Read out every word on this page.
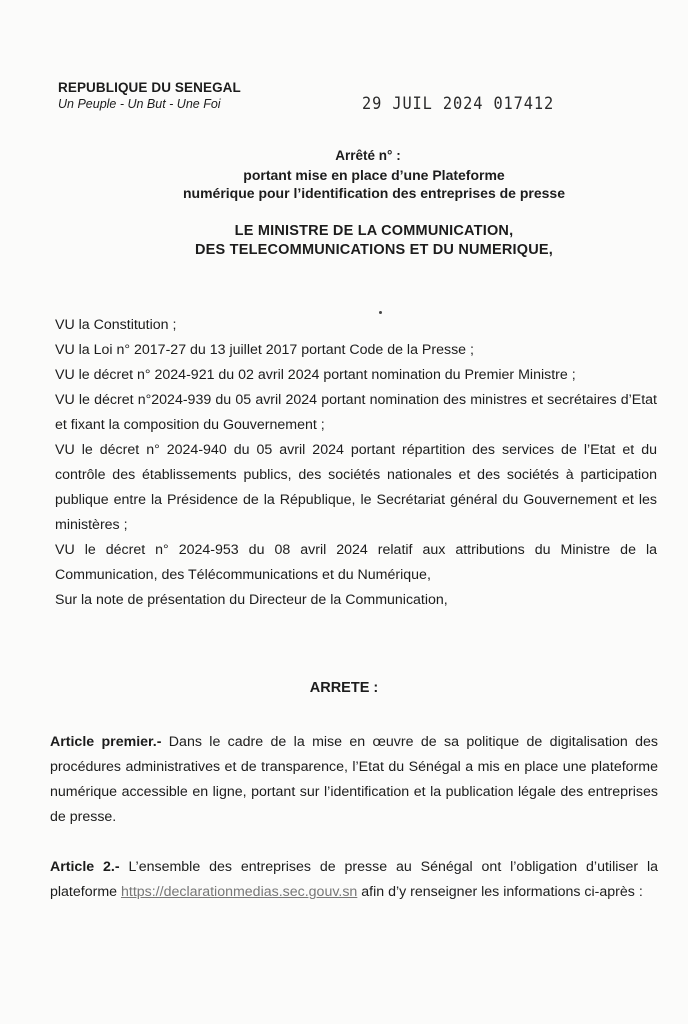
REPUBLIQUE DU SENEGAL
Un Peuple - Un But - Une Foi	29 JUIL 2024 017412
Arrêté n° :
portant mise en place d’une Plateforme
numérique pour l’identification des entreprises de presse
LE MINISTRE DE LA COMMUNICATION,
DES TELECOMMUNICATIONS ET DU NUMERIQUE,

VU la Constitution ;

VU la Loi n° 2017-27 du 13 juillet 2017 portant Code de la Presse ;

VU le décret n° 2024-921 du 02 avril 2024 portant nomination du Premier Ministre ;

VU le décret n°2024-939 du 05 avril 2024 portant nomination des ministres et secrétaires d’Etat et fixant la composition du Gouvernement ;

VU le décret n° 2024-940 du 05 avril 2024 portant répartition des services de l’Etat et du contrôle des établissements publics, des sociétés nationales et des sociétés à participation publique entre la Présidence de la République, le Secrétariat général du Gouvernement et les ministères ;

VU le décret n° 2024-953 du 08 avril 2024 relatif aux attributions du Ministre de la Communication, des Télécommunications et du Numérique,

Sur la note de présentation du Directeur de la Communication,

ARRETE :
Article premier.- Dans le cadre de la mise en œuvre de sa politique de digitalisation des procédures administratives et de transparence, l’Etat du Sénégal a mis en place une plateforme numérique accessible en ligne, portant sur l’identification et la publication légale des entreprises de presse.
Article 2.- L’ensemble des entreprises de presse au Sénégal ont l’obligation d’utiliser la plateforme https://declarationmedias.sec.gouv.sn afin d’y renseigner les informations ci-après :
